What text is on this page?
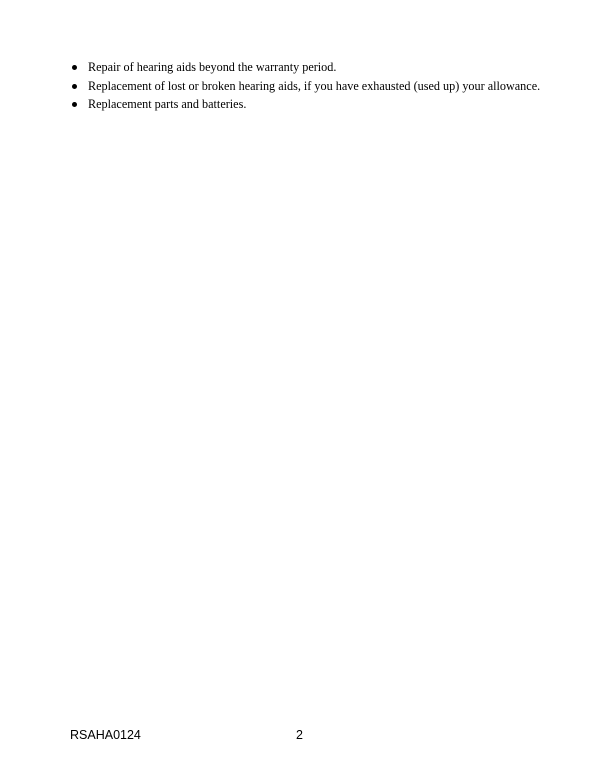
Repair of hearing aids beyond the warranty period.
Replacement of lost or broken hearing aids, if you have exhausted (used up) your allowance.
Replacement parts and batteries.
RSAHA0124	2
